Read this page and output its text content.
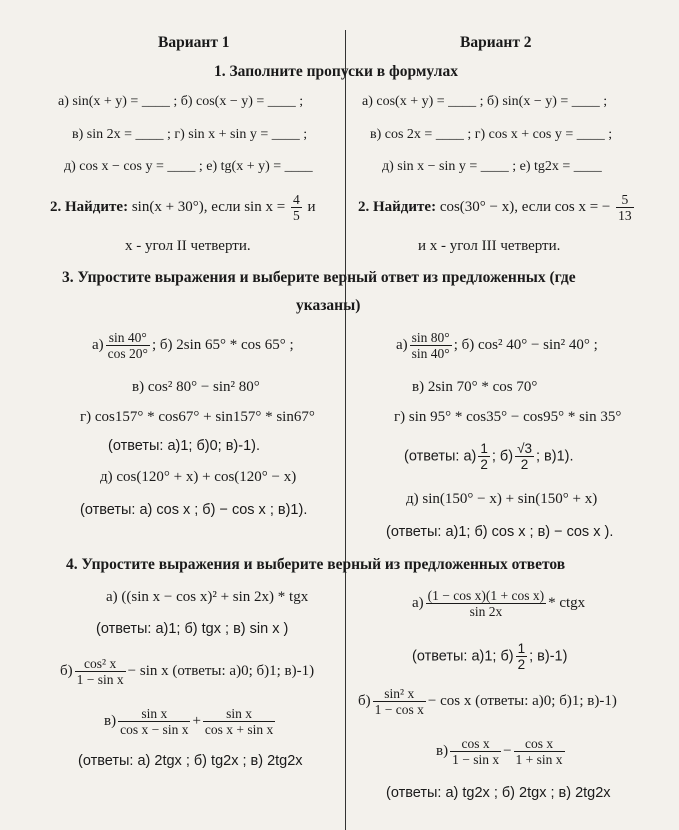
Вариант 1	Вариант 2
1. Заполните пропуски в формулах
а) sin(x + y) = ____ ; б) cos(x − y) = ____ ;
в) sin 2x = ____ ; г) sin x + sin y = ____ ;
д) cos x − cos y = ____ ; е) tg(x + y) = ____
а) cos(x + y) = ____ ; б) sin(x − y) = ____ ;
в) cos 2x = ____ ; г) cos x + cos y = ____ ;
д) sin x − sin y = ____ ; е) tg2x = ____
2. Найдите: sin(x + 30°), если $\sin x = \frac{4}{5}$ и
x - угол II четверти.
2. Найдите: cos(30° − x), если cos x = − $\frac{5}{13}$
и x - угол III четверти.
3. Упростите выражения и выберите верный ответ из предложенных (где
указаны)
$а) \frac{\sin 40^\circ}{\cos 20^\circ}$ ; б) 2sin 65° * cos 65° ;
в) cos² 80° − sin² 80°
г) cos157° * cos67° + sin157° * sin67°
(ответы: а)1; б)0; в)-1).
д) cos(120° + x) + cos(120° − x)
(ответы: а) cos x ; б) − cos x ; в)1).
$а) \frac{\sin 80^\circ}{\sin 40^\circ}$ ; б) cos² 40° − sin² 40° ;
в) 2sin 70° * cos 70°
г) sin 95° * cos35° − cos95° * sin 35°
(ответы: $а) \frac{1}{2}$ ; $б) \frac{√3}{2}$ ; в)1).
д) sin(150° − x) + sin(150° + x)
(ответы: а)1; б) cos x ; в) − cos x ).
4. Упростите выражения и выберите верный из предложенных ответов
а) ((sin x − cos x)² + sin 2x) * tgx
(ответы: а)1; б) tgx ; в) sin x )
$б) \frac{\text{cos² x}}{\text{1 − sin x}} - \sin x$ (ответы: а)0; б)1; в)-1)
$в) \frac{\text{sin x}}{\text{cos x − sin x}} + \frac{\text{sin x}}{\text{cos x + sin x}}$
(ответы: а) 2tgx ; б) tg2x ; в) 2tg2x
$а) \frac{\text{(1 − cos x)(1 + cos x)}}{\sin 2x}$ * ctgx
(ответы: а)1; $б) \frac{1}{2}$ ; в)-1)
$б) \frac{\text{sin² x}}{\text{1 − cos x}} - \cos x$ (ответы: а)0; б)1; в)-1)
$в) \frac{\text{cos x}}{\text{1 − sin x}} - \frac{\text{cos x}}{\text{1 + sin x}}$
(ответы: а) tg2x ; б) 2tgx ; в) 2tg2x
